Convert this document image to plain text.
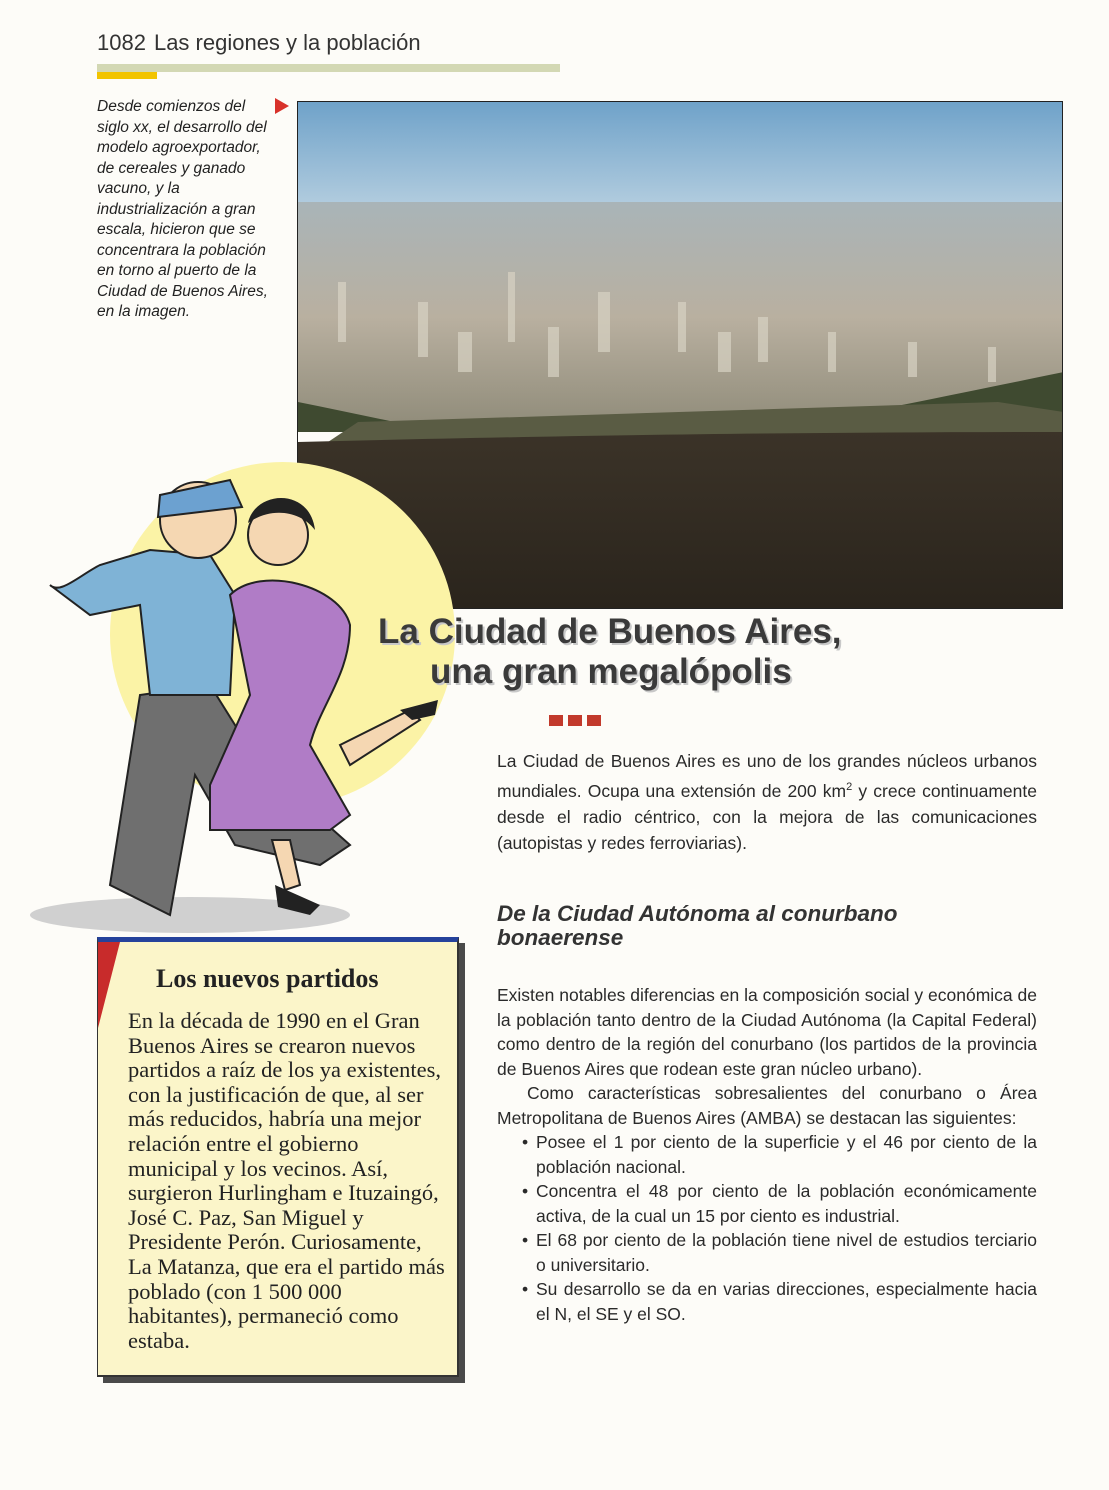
1082 Las regiones y la población
Desde comienzos del siglo xx, el desarrollo del modelo agroexportador, de cereales y ganado vacuno, y la industrialización a gran escala, hicieron que se concentrara la población en torno al puerto de la Ciudad de Buenos Aires, en la imagen.
La Ciudad de Buenos Aires,
una gran megalópolis
La Ciudad de Buenos Aires es uno de los grandes núcleos urbanos mundiales. Ocupa una extensión de 200 $km^2$ y crece continuamente desde el radio céntrico, con la mejora de las comunicaciones (autopistas y redes ferroviarias).
De la Ciudad Autónoma al conurbano bonaerense

Existen notables diferencias en la composición social y económica de la población tanto dentro de la Ciudad Autónoma (la Capital Federal) como dentro de la región del conurbano (los partidos de la provincia de Buenos Aires que rodean este gran núcleo urbano).

Como características sobresalientes del conurbano o Área Metropolitana de Buenos Aires (AMBA) se destacan las siguientes:

• Posee el 1 por ciento de la superficie y el 46 por ciento de la población nacional.
• Concentra el 48 por ciento de la población económicamente activa, de la cual un 15 por ciento es industrial.
• El 68 por ciento de la población tiene nivel de estudios terciario o universitario.
• Su desarrollo se da en varias direcciones, especialmente hacia el N, el SE y el SO.
Los nuevos partidos

En la década de 1990 en el Gran Buenos Aires se crearon nuevos partidos a raíz de los ya existentes, con la justificación de que, al ser más reducidos, habría una mejor relación entre el gobierno municipal y los vecinos. Así, surgieron Hurlingham e Ituzaingó, José C. Paz, San Miguel y Presidente Perón. Curiosamente, La Matanza, que era el partido más poblado (con 1 500 000 habitantes), permaneció como estaba.
